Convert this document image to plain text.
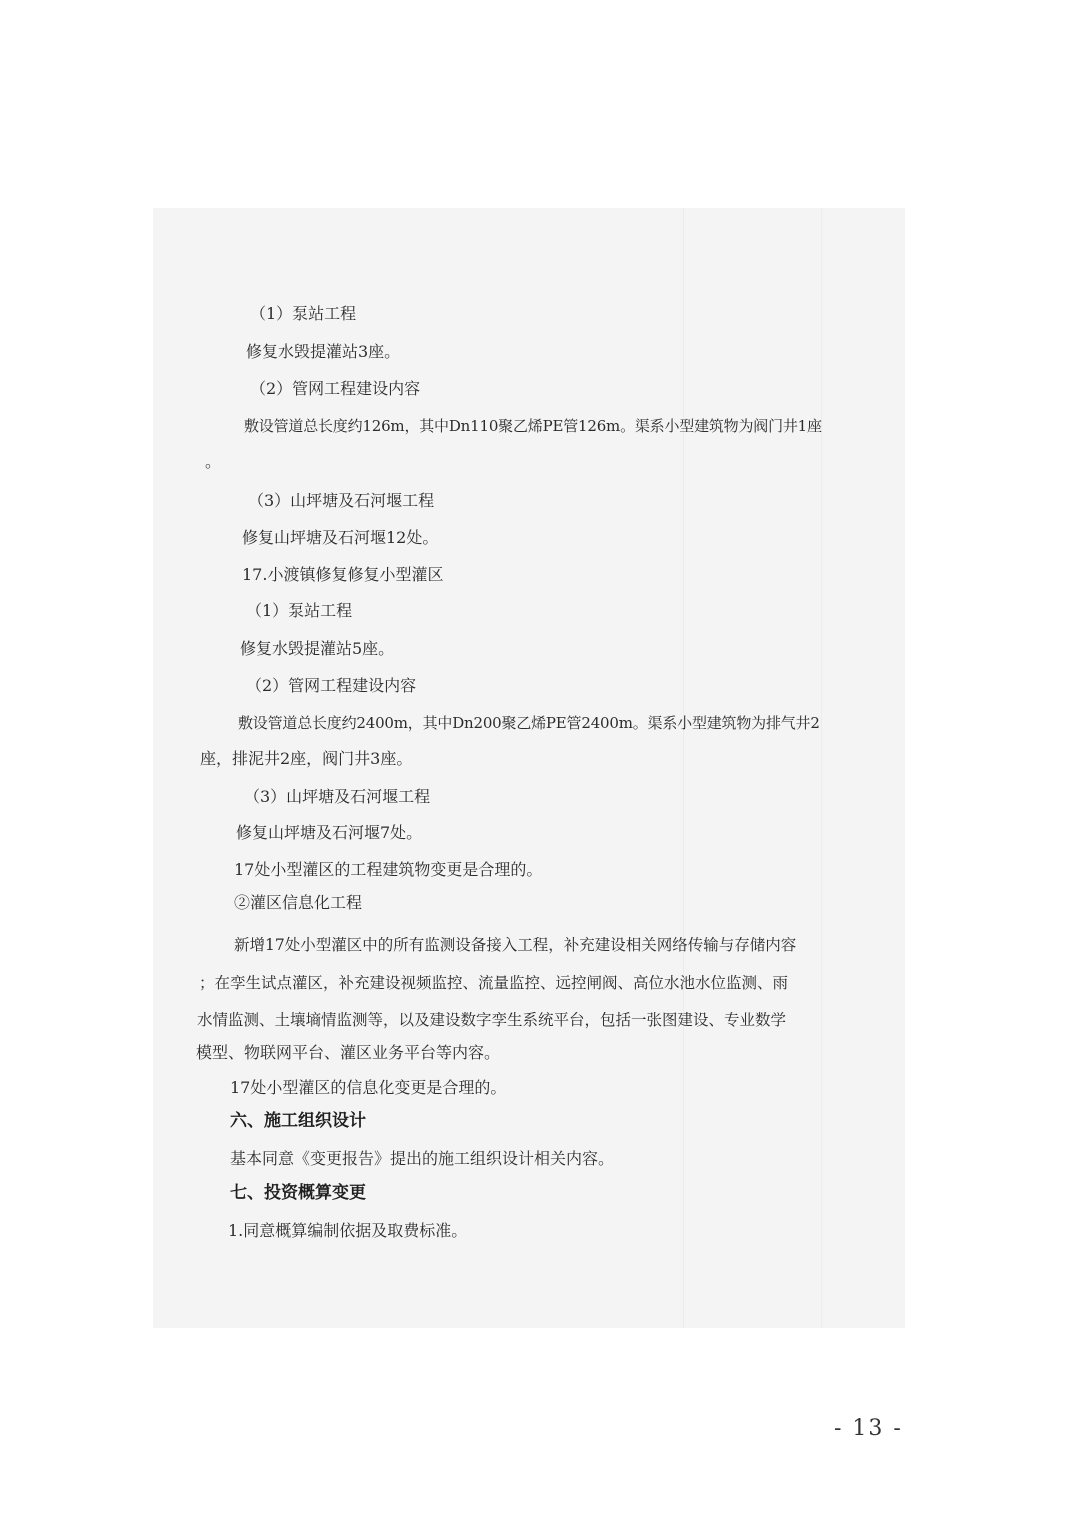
（1）泵站工程
修复水毁提灌站3座。
（2）管网工程建设内容
敷设管道总长度约126m，其中Dn110聚乙烯PE管126m。渠系小型建筑物为阀门井1座
。
（3）山坪塘及石河堰工程
修复山坪塘及石河堰12处。
17.小渡镇修复修复小型灌区
（1）泵站工程
修复水毁提灌站5座。
（2）管网工程建设内容
敷设管道总长度约2400m，其中Dn200聚乙烯PE管2400m。渠系小型建筑物为排气井2
座，排泥井2座，阀门井3座。
（3）山坪塘及石河堰工程
修复山坪塘及石河堰7处。
17处小型灌区的工程建筑物变更是合理的。
②灌区信息化工程
新增17处小型灌区中的所有监测设备接入工程，补充建设相关网络传输与存储内容
；在孪生试点灌区，补充建设视频监控、流量监控、远控闸阀、高位水池水位监测、雨
水情监测、土壤墒情监测等，以及建设数字孪生系统平台，包括一张图建设、专业数学
模型、物联网平台、灌区业务平台等内容。
17处小型灌区的信息化变更是合理的。
六、施工组织设计
基本同意《变更报告》提出的施工组织设计相关内容。
七、投资概算变更
1.同意概算编制依据及取费标准。
- 13 -
